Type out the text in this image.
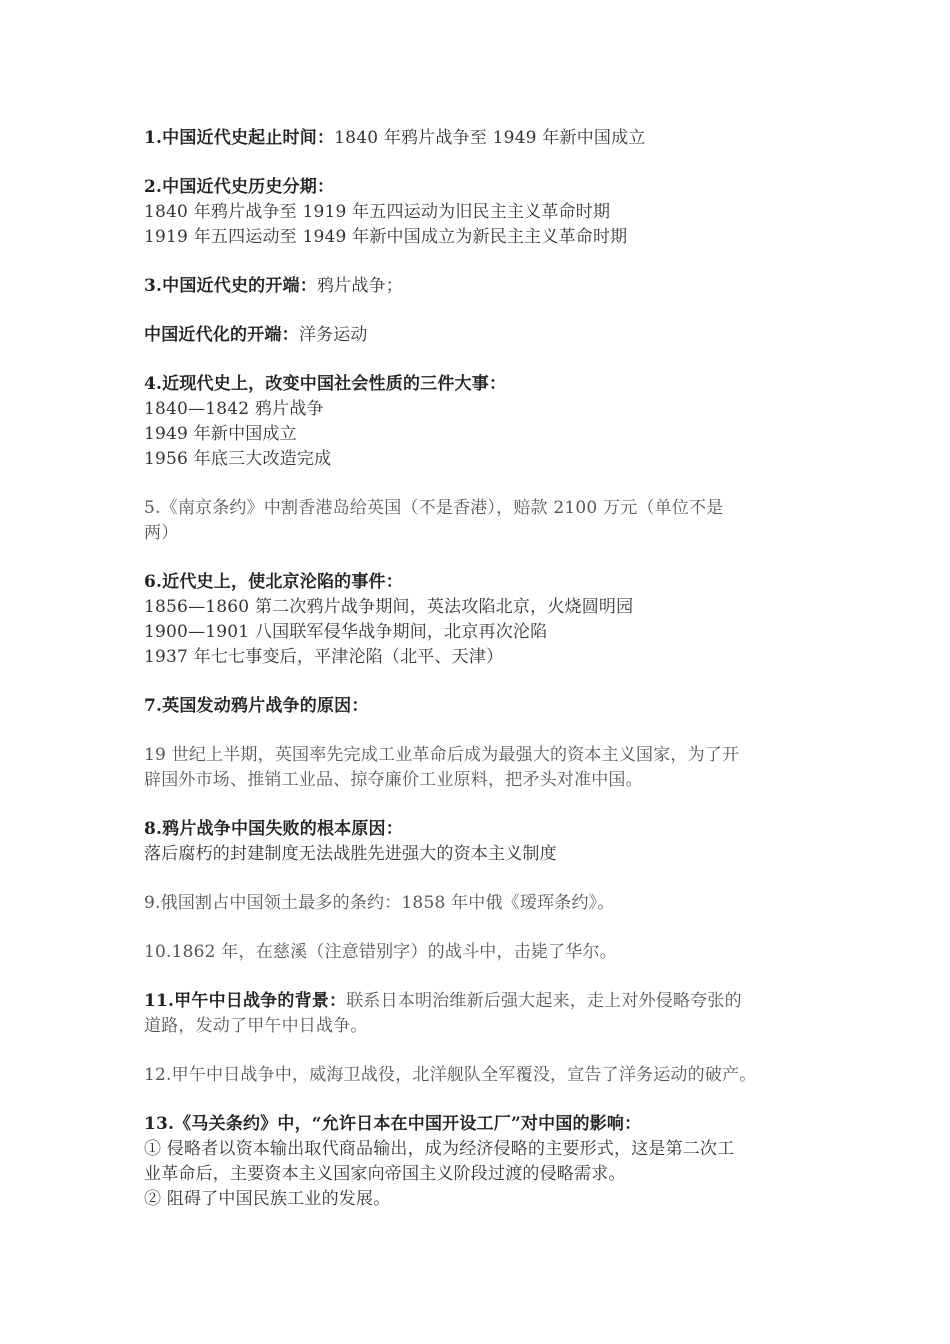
1.中国近代史起止时间：1840 年鸦片战争至 1949 年新中国成立
2.中国近代史历史分期：
1840 年鸦片战争至 1919 年五四运动为旧民主主义革命时期
1919 年五四运动至 1949 年新中国成立为新民主主义革命时期
3.中国近代史的开端：鸦片战争；
中国近代化的开端：洋务运动
4.近现代史上，改变中国社会性质的三件大事：
1840—1842 鸦片战争
1949 年新中国成立
1956 年底三大改造完成
5.《南京条约》中割香港岛给英国（不是香港），赔款 2100 万元（单位不是
两）
6.近代史上，使北京沦陷的事件：
1856—1860 第二次鸦片战争期间，英法攻陷北京，火烧圆明园
1900—1901 八国联军侵华战争期间，北京再次沦陷
1937 年七七事变后，平津沦陷（北平、天津）
7.英国发动鸦片战争的原因：
19 世纪上半期，英国率先完成工业革命后成为最强大的资本主义国家，为了开
辟国外市场、推销工业品、掠夺廉价工业原料，把矛头对准中国。
8.鸦片战争中国失败的根本原因：
落后腐朽的封建制度无法战胜先进强大的资本主义制度
9.俄国割占中国领土最多的条约：1858 年中俄《瑷珲条约》。
10.1862 年，在慈溪（注意错别字）的战斗中，击毙了华尔。
11.甲午中日战争的背景：联系日本明治维新后强大起来，走上对外侵略夸张的
道路，发动了甲午中日战争。
12.甲午中日战争中，威海卫战役，北洋舰队全军覆没，宣告了洋务运动的破产。
13.《马关条约》中，“允许日本在中国开设工厂”对中国的影响：
① 侵略者以资本输出取代商品输出，成为经济侵略的主要形式，这是第二次工
业革命后，主要资本主义国家向帝国主义阶段过渡的侵略需求。
② 阻碍了中国民族工业的发展。
